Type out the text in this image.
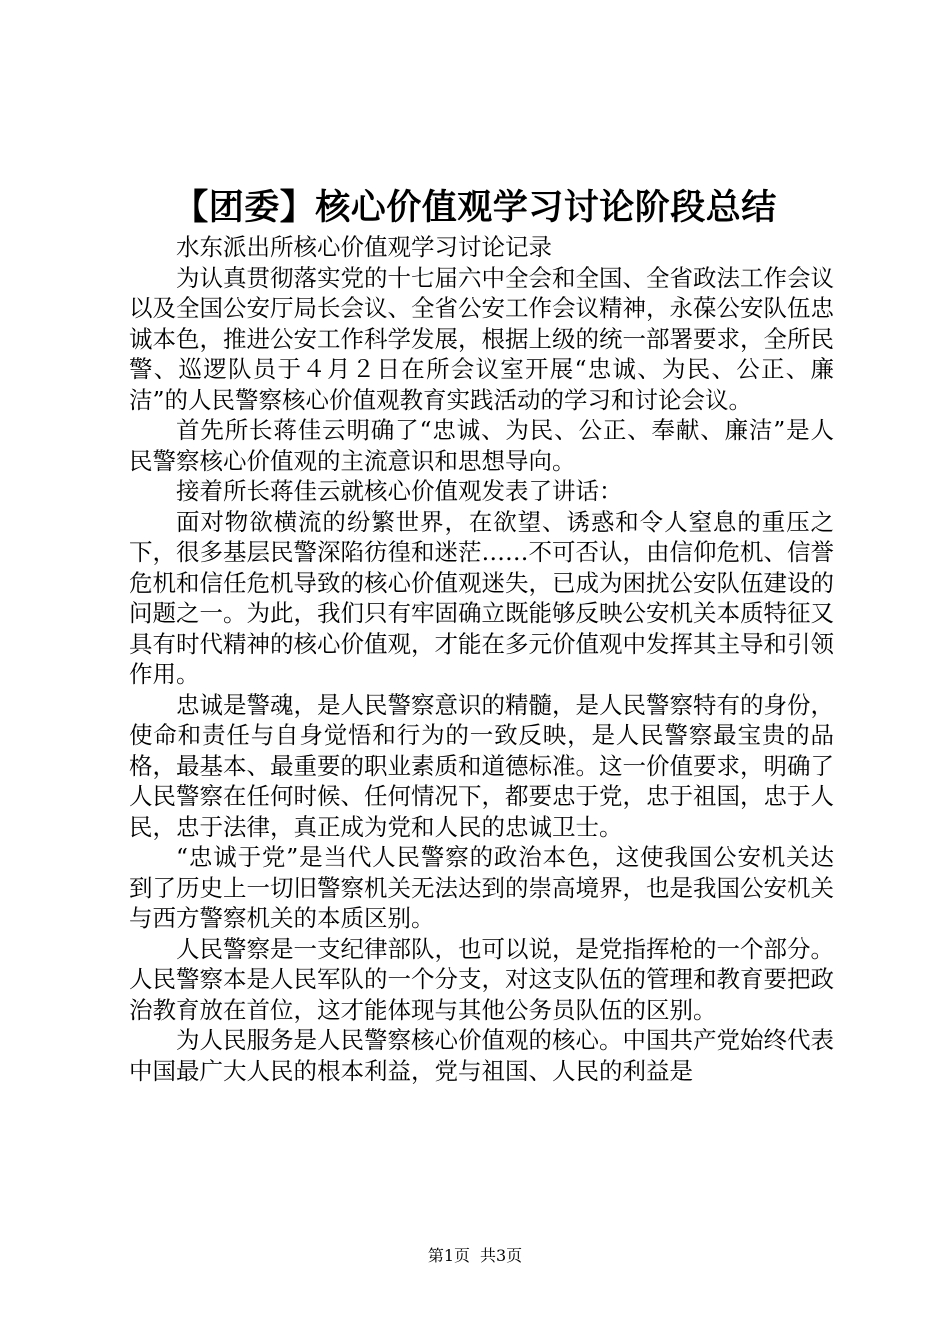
【团委】核心价值观学习讨论阶段总结

水东派出所核心价值观学习讨论记录

为认真贯彻落实党的十七届六中全会和全国、全省政法工作会议以及全国公安厅局长会议、全省公安工作会议精神，永葆公安队伍忠诚本色，推进公安工作科学发展，根据上级的统一部署要求，全所民警、巡逻队员于４月２日在所会议室开展“忠诚、为民、公正、廉洁”的人民警察核心价值观教育实践活动的学习和讨论会议。

首先所长蒋佳云明确了“忠诚、为民、公正、奉献、廉洁”是人民警察核心价值观的主流意识和思想导向。

接着所长蒋佳云就核心价值观发表了讲话：

面对物欲横流的纷繁世界，在欲望、诱惑和令人窒息的重压之下，很多基层民警深陷彷徨和迷茫……不可否认，由信仰危机、信誉危机和信任危机导致的核心价值观迷失，已成为困扰公安队伍建设的问题之一。为此，我们只有牢固确立既能够反映公安机关本质特征又具有时代精神的核心价值观，才能在多元价值观中发挥其主导和引领作用。

忠诚是警魂，是人民警察意识的精髓，是人民警察特有的身份，使命和责任与自身觉悟和行为的一致反映，是人民警察最宝贵的品格，最基本、最重要的职业素质和道德标准。这一价值要求，明确了人民警察在任何时候、任何情况下，都要忠于党，忠于祖国，忠于人民，忠于法律，真正成为党和人民的忠诚卫士。

“忠诚于党”是当代人民警察的政治本色，这使我国公安机关达到了历史上一切旧警察机关无法达到的崇高境界，也是我国公安机关与西方警察机关的本质区别。

人民警察是一支纪律部队，也可以说，是党指挥枪的一个部分。人民警察本是人民军队的一个分支，对这支队伍的管理和教育要把政治教育放在首位，这才能体现与其他公务员队伍的区别。

为人民服务是人民警察核心价值观的核心。中国共产党始终代表中国最广大人民的根本利益，党与祖国、人民的利益是

第1页 共3页
